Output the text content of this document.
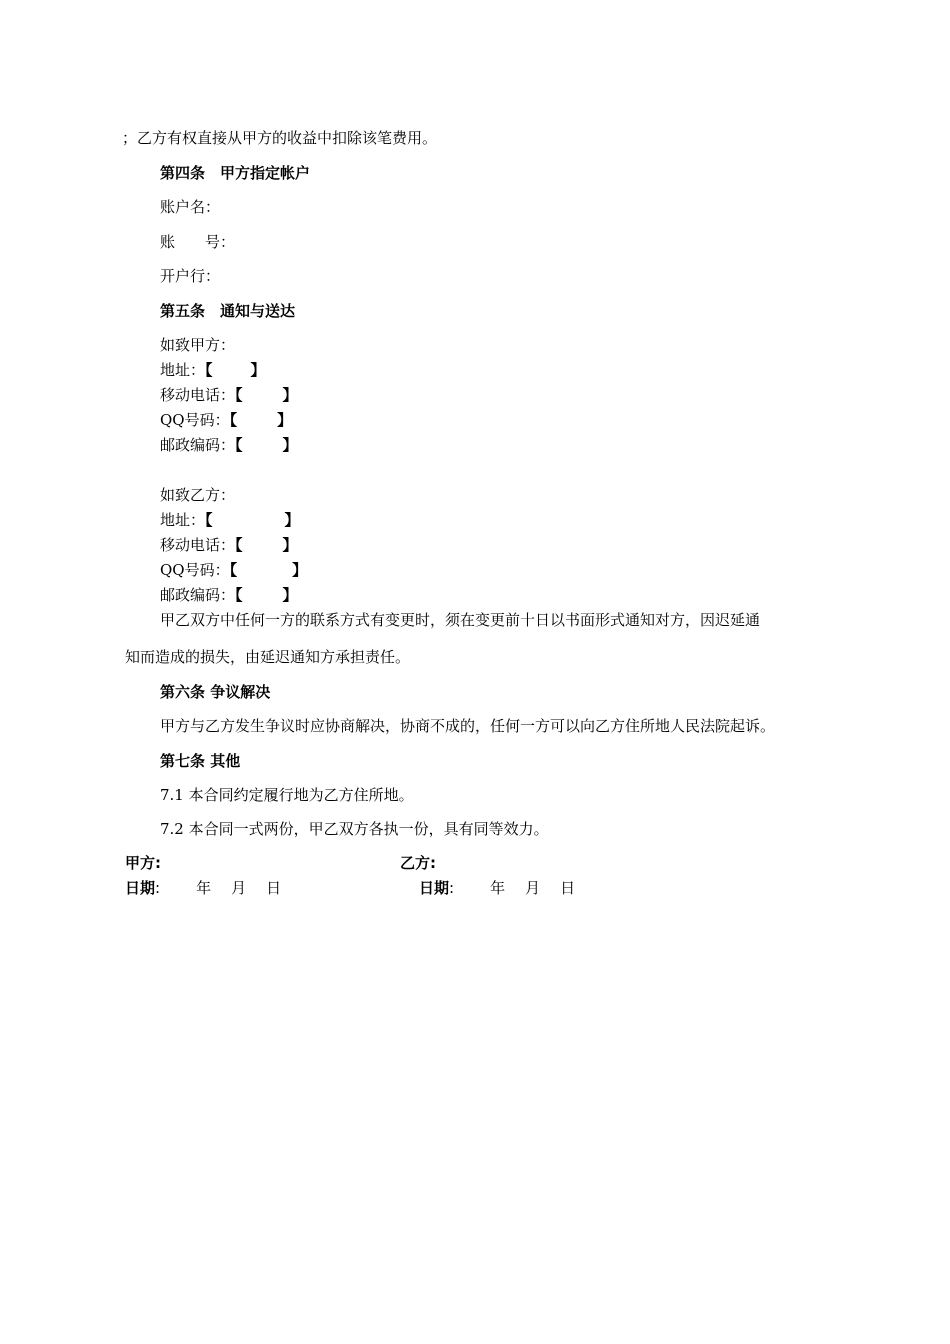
；乙方有权直接从甲方的收益中扣除该笔费用。
第四条　甲方指定帐户
账户名：
账　　号：
开户行：
第五条　通知与送达
如致甲方：
地址：【	】
移动电话：【	】
QQ号码：【	】
邮政编码：【	】
如致乙方：
地址：【	】
移动电话：【	】
QQ号码：【	】
邮政编码：【	】
甲乙双方中任何一方的联系方式有变更时，须在变更前十日以书面形式通知对方，因迟延通
知而造成的损失，由延迟通知方承担责任。
第六条 争议解决
甲方与乙方发生争议时应协商解决，协商不成的，任何一方可以向乙方住所地人民法院起诉。
第七条 其他
7.1 本合同约定履行地为乙方住所地。
7.2 本合同一式两份，甲乙双方各执一份，具有同等效力。
甲方:	乙方:
日期: 年 月 日	日期: 年 月 日
